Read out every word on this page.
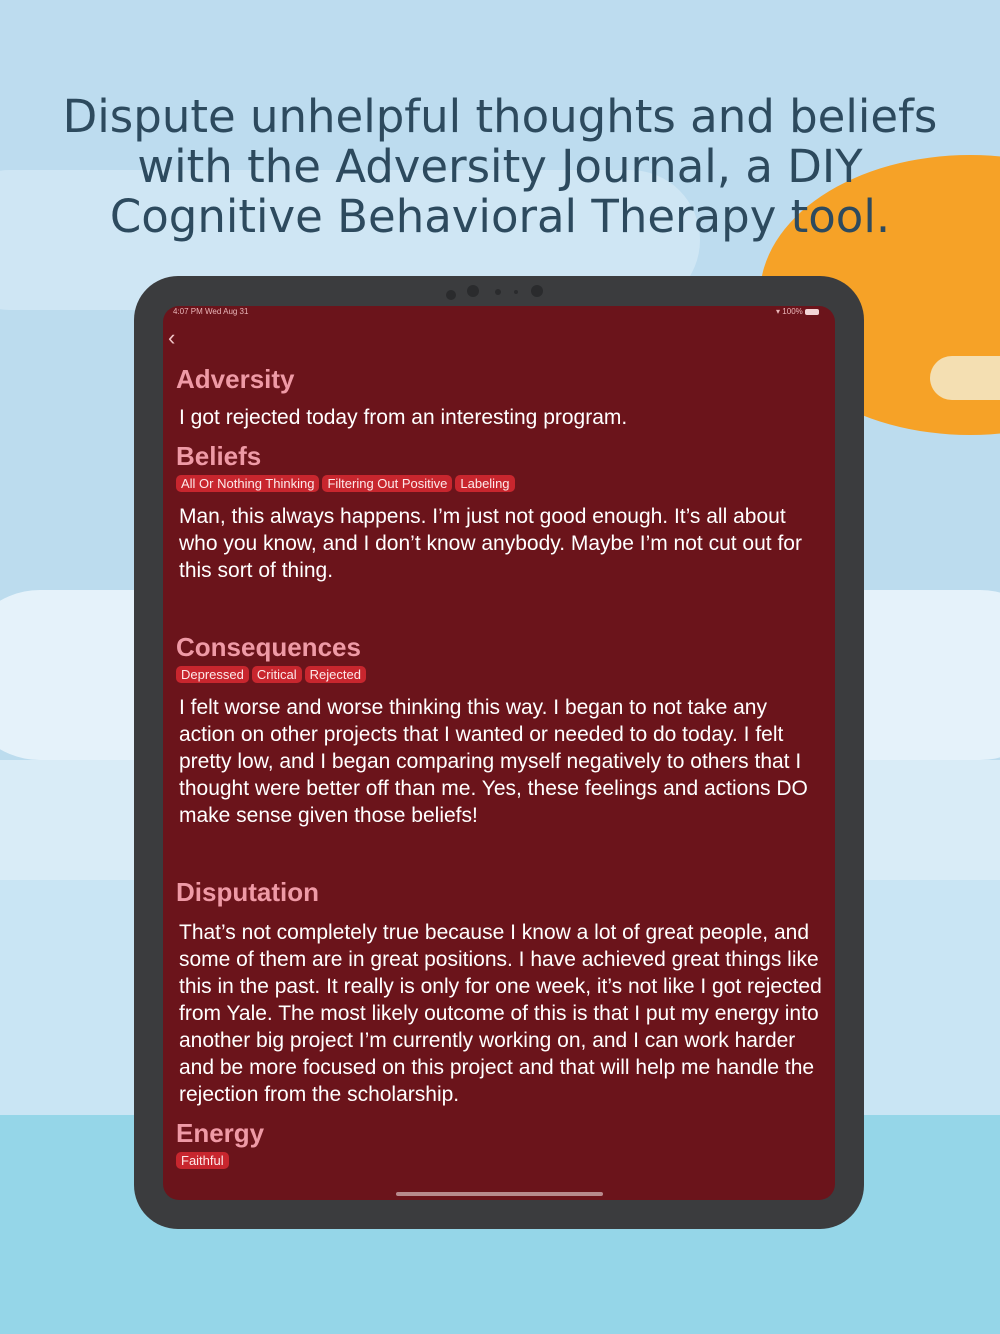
Dispute unhelpful thoughts and beliefs
with the Adversity Journal, a DIY
Cognitive Behavioral Therapy tool.
4:07 PM Wed Aug 31	▾ 100%
‹
Adversity

I got rejected today from an interesting program.

Beliefs
All Or Nothing Thinking Filtering Out Positive Labeling

Man, this always happens. I’m just not good enough. It’s all about who you know, and I don’t know anybody. Maybe I’m not cut out for this sort of thing.

Consequences
Depressed Critical Rejected

I felt worse and worse thinking this way. I began to not take any action on other projects that I wanted or needed to do today. I felt pretty low, and I began comparing myself negatively to others that I thought were better off than me. Yes, these feelings and actions DO make sense given those beliefs!

Disputation

That’s not completely true because I know a lot of great people, and some of them are in great positions. I have achieved great things like this in the past. It really is only for one week, it’s not like I got rejected from Yale. The most likely outcome of this is that I put my energy into another big project I’m currently working on, and I can work harder and be more focused on this project and that will help me handle the rejection from the scholarship.

Energy
Faithful
